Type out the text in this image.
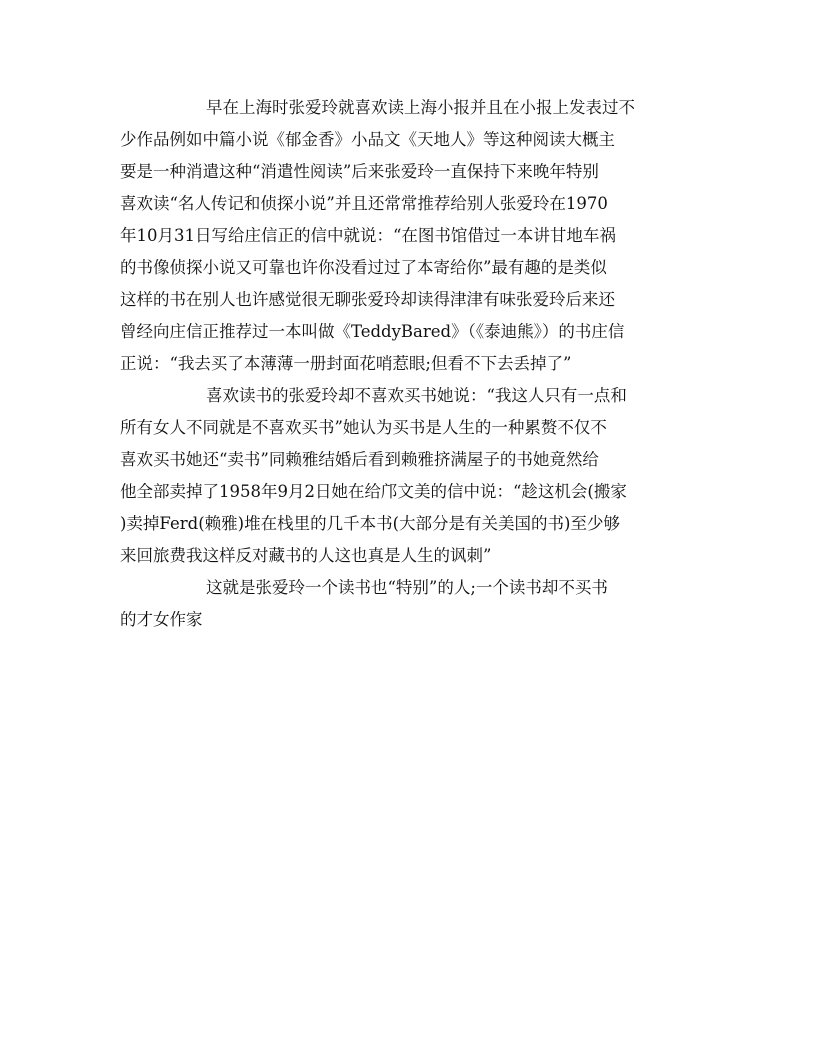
早在上海时张爱玲就喜欢读上海小报并且在小报上发表过不
少作品例如中篇小说《郁金香》小品文《天地人》等这种阅读大概主
要是一种消遣这种“消遣性阅读”后来张爱玲一直保持下来晚年特别
喜欢读“名人传记和侦探小说”并且还常常推荐给别人张爱玲在1970
年10月31日写给庄信正的信中就说：“在图书馆借过一本讲甘地车祸
的书像侦探小说又可靠也许你没看过过了本寄给你”最有趣的是类似
这样的书在别人也许感觉很无聊张爱玲却读得津津有味张爱玲后来还
曾经向庄信正推荐过一本叫做《TeddyBared》（《泰迪熊》）的书庄信
正说：“我去买了本薄薄一册封面花哨惹眼;但看不下去丢掉了”
喜欢读书的张爱玲却不喜欢买书她说：“我这人只有一点和
所有女人不同就是不喜欢买书”她认为买书是人生的一种累赘不仅不
喜欢买书她还“卖书”同赖雅结婚后看到赖雅挤满屋子的书她竟然给
他全部卖掉了1958年9月2日她在给邝文美的信中说：“趁这机会(搬家
)卖掉Ferd(赖雅)堆在栈里的几千本书(大部分是有关美国的书)至少够
来回旅费我这样反对藏书的人这也真是人生的讽刺”
这就是张爱玲一个读书也“特别”的人;一个读书却不买书
的才女作家
